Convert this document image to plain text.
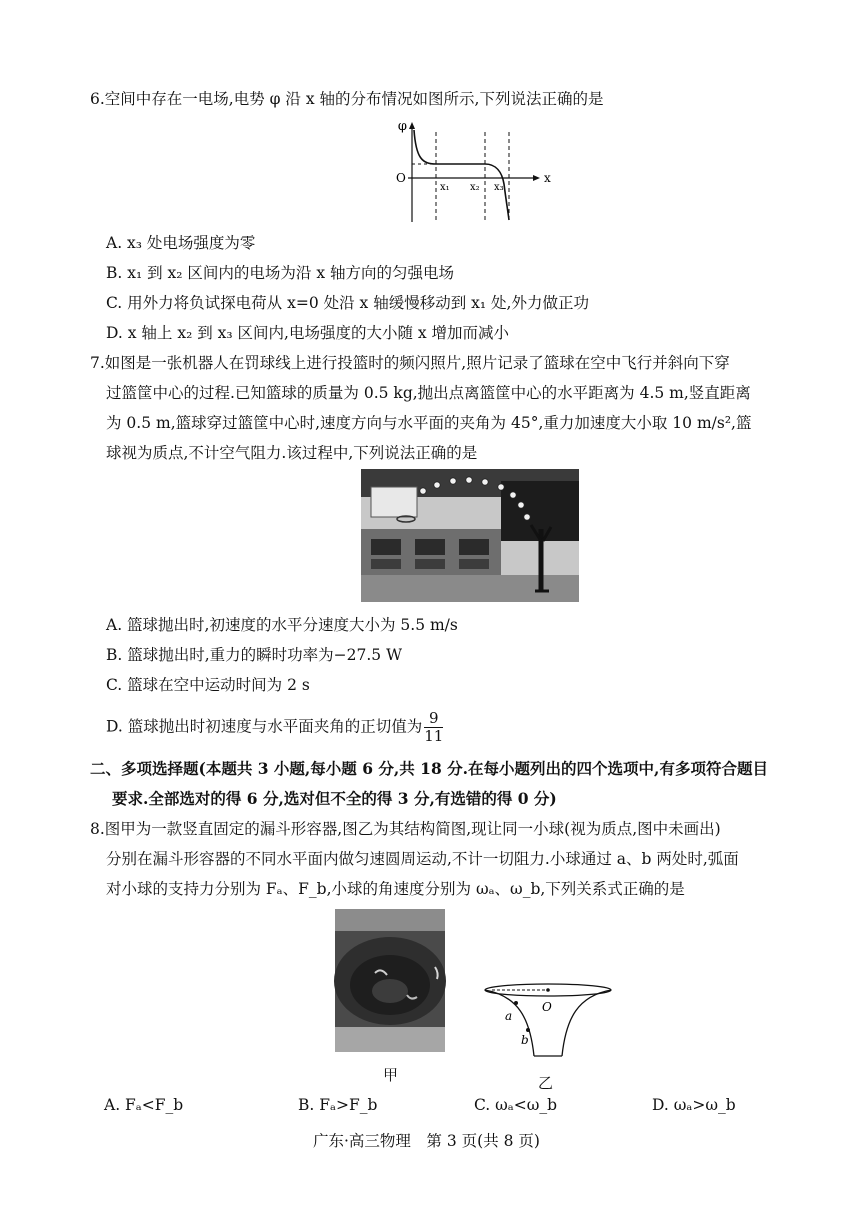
6.空间中存在一电场,电势 φ 沿 x 轴的分布情况如图所示,下列说法正确的是
φ
O	x
x₁ x₂ x₃
A. x₃ 处电场强度为零
B. x₁ 到 x₂ 区间内的电场为沿 x 轴方向的匀强电场
C. 用外力将负试探电荷从 x=0 处沿 x 轴缓慢移动到 x₁ 处,外力做正功
D. x 轴上 x₂ 到 x₃ 区间内,电场强度的大小随 x 增加而减小
7.如图是一张机器人在罚球线上进行投篮时的频闪照片,照片记录了篮球在空中飞行并斜向下穿
过篮筐中心的过程.已知篮球的质量为 0.5 kg,抛出点离篮筐中心的水平距离为 4.5 m,竖直距离
为 0.5 m,篮球穿过篮筐中心时,速度方向与水平面的夹角为 45°,重力加速度大小取 10 m/s²,篮
球视为质点,不计空气阻力.该过程中,下列说法正确的是
A. 篮球抛出时,初速度的水平分速度大小为 5.5 m/s
B. 篮球抛出时,重力的瞬时功率为−27.5 W
C. 篮球在空中运动时间为 2 s
D. 篮球抛出时初速度与水平面夹角的正切值为 $\frac{9}{11}$
二、多项选择题(本题共 3 小题,每小题 6 分,共 18 分.在每小题列出的四个选项中,有多项符合题目
要求.全部选对的得 6 分,选对但不全的得 3 分,有选错的得 0 分)
8.图甲为一款竖直固定的漏斗形容器,图乙为其结构简图,现让同一小球(视为质点,图中未画出)
分别在漏斗形容器的不同水平面内做匀速圆周运动,不计一切阻力.小球通过 a、b 两处时,弧面
对小球的支持力分别为 Fₐ、F_b,小球的角速度分别为 ωₐ、ω_b,下列关系式正确的是
O
a
b
甲	乙
A. Fₐ<F_b	B. Fₐ>F_b	C. ωₐ<ω_b	D. ωₐ>ω_b
广东·高三物理　第 3 页(共 8 页)
